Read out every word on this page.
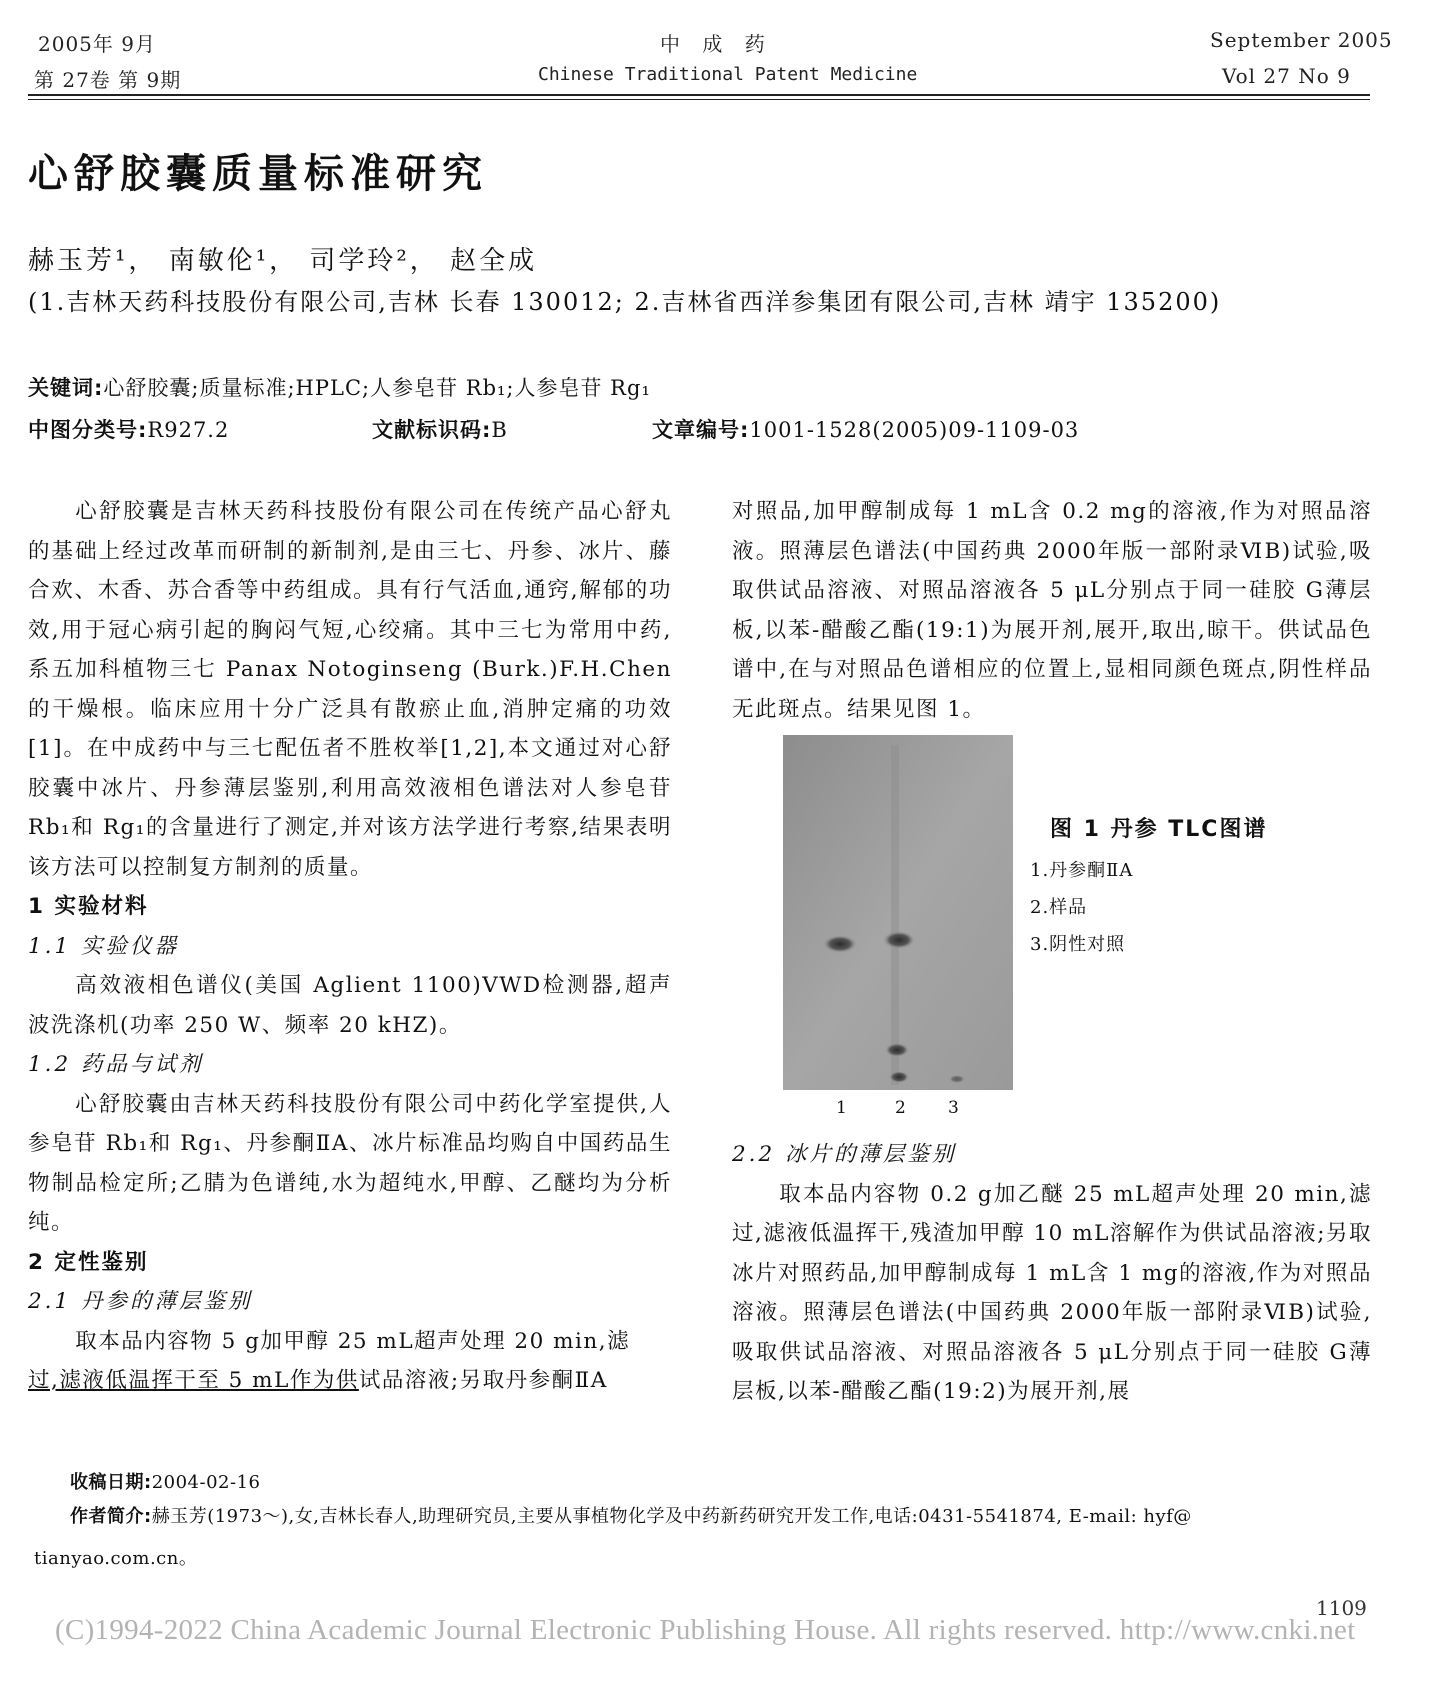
2005年 9月
第 27卷 第 9期
中 成 药
Chinese Traditional Patent Medicine
September 2005
Vol 27 No 9
心舒胶囊质量标准研究
赫玉芳¹， 南敏伦¹， 司学玲²， 赵全成
(1.吉林天药科技股份有限公司,吉林 长春 130012; 2.吉林省西洋参集团有限公司,吉林 靖宇 135200)
关键词:心舒胶囊;质量标准;HPLC;人参皂苷 Rb₁;人参皂苷 Rg₁
中图分类号:R927.2	文献标识码:B	文章编号:1001-1528(2005)09-1109-03

心舒胶囊是吉林天药科技股份有限公司在传统产品心舒丸的基础上经过改革而研制的新制剂,是由三七、丹参、冰片、藤合欢、木香、苏合香等中药组成。具有行气活血,通窍,解郁的功效,用于冠心病引起的胸闷气短,心绞痛。其中三七为常用中药,系五加科植物三七 Panax Notoginseng (Burk.)F.H.Chen的干燥根。临床应用十分广泛具有散瘀止血,消肿定痛的功效[1]。在中成药中与三七配伍者不胜枚举[1,2],本文通过对心舒胶囊中冰片、丹参薄层鉴别,利用高效液相色谱法对人参皂苷 Rb₁和 Rg₁的含量进行了测定,并对该方法学进行考察,结果表明该方法可以控制复方制剂的质量。

1 实验材料

1.1 实验仪器

高效液相色谱仪(美国 Aglient 1100)VWD检测器,超声波洗涤机(功率 250 W、频率 20 kHZ)。

1.2 药品与试剂

心舒胶囊由吉林天药科技股份有限公司中药化学室提供,人参皂苷 Rb₁和 Rg₁、丹参酮ⅡA、冰片标准品均购自中国药品生物制品检定所;乙腈为色谱纯,水为超纯水,甲醇、乙醚均为分析纯。

2 定性鉴别

2.1 丹参的薄层鉴别

取本品内容物 5 g加甲醇 25 mL超声处理 20 min,滤

过,滤液低温挥干至 5 mL作为供试品溶液;另取丹参酮ⅡA

对照品,加甲醇制成每 1 mL含 0.2 mg的溶液,作为对照品溶液。照薄层色谱法(中国药典 2000年版一部附录ⅥB)试验,吸取供试品溶液、对照品溶液各 5 μL分别点于同一硅胶 G薄层板,以苯-醋酸乙酯(19:1)为展开剂,展开,取出,晾干。供试品色谱中,在与对照品色谱相应的位置上,显相同颜色斑点,阴性样品无此斑点。结果见图 1。

1	2 3
图 1 丹参 TLC图谱
1.丹参酮ⅡA
2.样品
3.阴性对照

2.2 冰片的薄层鉴别

取本品内容物 0.2 g加乙醚 25 mL超声处理 20 min,滤过,滤液低温挥干,残渣加甲醇 10 mL溶解作为供试品溶液;另取冰片对照药品,加甲醇制成每 1 mL含 1 mg的溶液,作为对照品溶液。照薄层色谱法(中国药典 2000年版一部附录ⅥB)试验,吸取供试品溶液、对照品溶液各 5 μL分别点于同一硅胶 G薄层板,以苯-醋酸乙酯(19:2)为展开剂,展

收稿日期:2004-02-16
作者简介:赫玉芳(1973～),女,吉林长春人,助理研究员,主要从事植物化学及中药新药研究开发工作,电话:0431-5541874, E-mail: hyf@
tianyao.com.cn。
1109
(C)1994-2022 China Academic Journal Electronic Publishing House. All rights reserved. http://www.cnki.net
